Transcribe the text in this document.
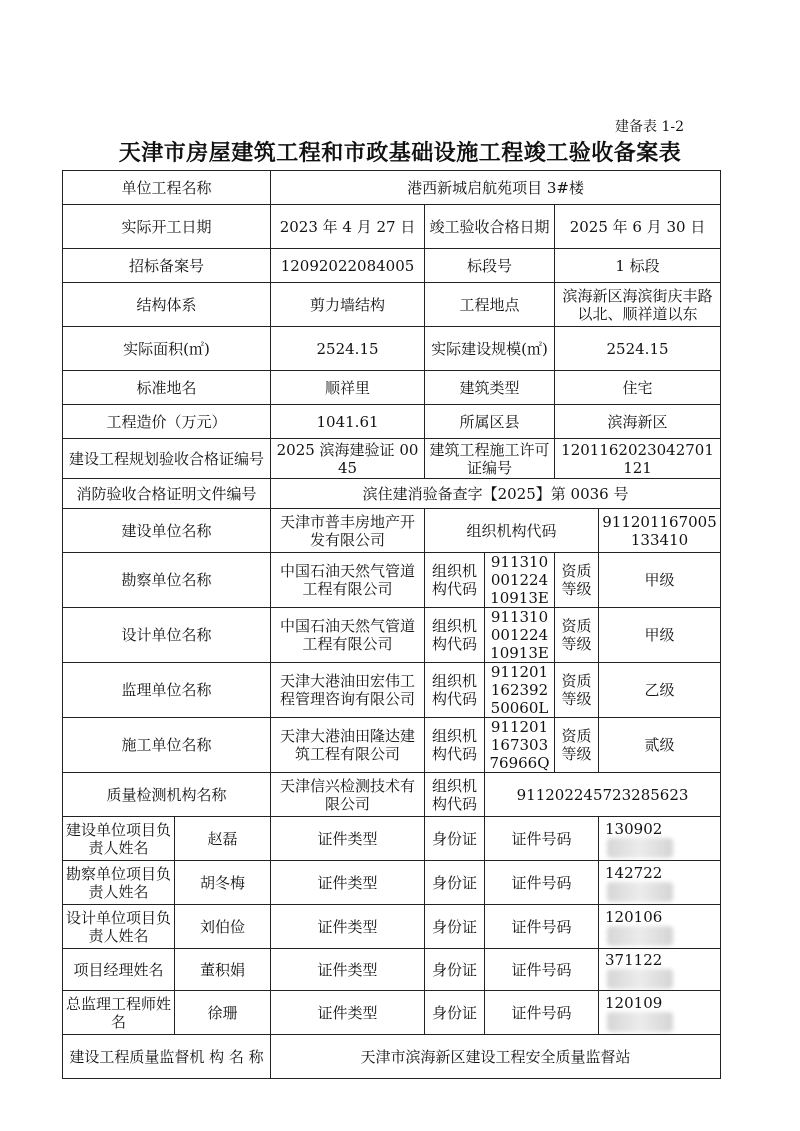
建备表 1-2
天津市房屋建筑工程和市政基础设施工程竣工验收备案表
单位工程名称		港西新城启航苑项目 3#楼				
实际开工日期		2023 年 4 月 27 日	竣工验收合格日期		2025 年 6 月 30 日	
招标备案号		12092022084005	标段号		1 标段	
结构体系		剪力墙结构	工程地点		滨海新区海滨街庆丰路以北、顺祥道以东	
实际面积(㎡)		2524.15	实际建设规模(㎡)		2524.15	
标准地名		顺祥里	建筑类型		住宅	
工程造价（万元）		1041.61	所属区县		滨海新区	
建设工程规划验收合格证编号		2025 滨海建验证 0045	建筑工程施工许可证编号		1201162023042701121	
消防验收合格证明文件编号		滨住建消验备查字【2025】第 0036 号				
建设单位名称		天津市普丰房地产开发有限公司	组织机构代码			911201167005133410
勘察单位名称		中国石油天然气管道工程有限公司	组织机构代码	91131000122410913E	资质等级	甲级
设计单位名称		中国石油天然气管道工程有限公司	组织机构代码	91131000122410913E	资质等级	甲级
监理单位名称		天津大港油田宏伟工程管理咨询有限公司	组织机构代码	91120116239250060L	资质等级	乙级
施工单位名称		天津大港油田隆达建筑工程有限公司	组织机构代码	91120116730376966Q	资质等级	贰级
质量检测机构名称		天津信兴检测技术有限公司	组织机构代码	911202245723285623		
建设单位项目负责人姓名	赵磊	证件类型	身份证	证件号码		130902
勘察单位项目负责人姓名	胡冬梅	证件类型	身份证	证件号码		142722
设计单位项目负责人姓名	刘伯俭	证件类型	身份证	证件号码		120106
项目经理姓名	董积娟	证件类型	身份证	证件号码		371122
总监理工程师姓名	徐珊	证件类型	身份证	证件号码		120109
建设工程质量监督机 构 名 称		天津市滨海新区建设工程安全质量监督站				
